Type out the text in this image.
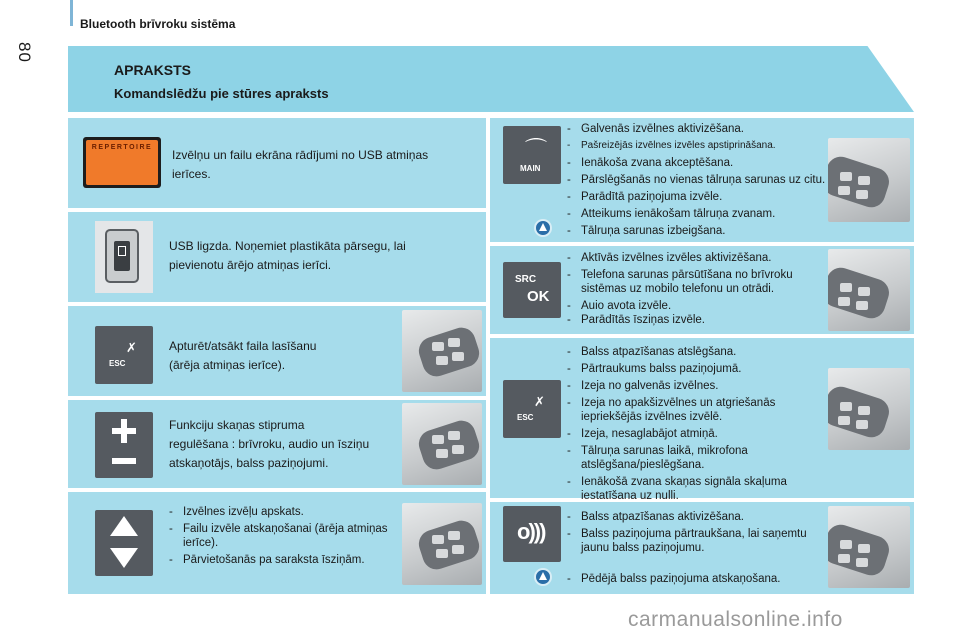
80
Bluetooth brīvroku sistēma
APRAKSTS
Komandslēdžu pie stūres apraksts
REPERTOIRE
Izvēlņu un failu ekrāna rādījumi no USB atmiņas
ierīces.
USB ligzda. Noņemiet plastikāta pārsegu, lai
pievienotu ārējo atmiņas ierīci.
✗
ESC
Apturēt/atsākt faila lasīšanu
(ārēja atmiņas ierīce).
Funkciju skaņas stipruma
regulēšana : brīvroku, audio un īsziņu
atskaņotājs, balss paziņojumi.
- Izvēlnes izvēļu apskats.
- Failu izvēle atskaņošanai (ārēja atmiņas ierīce).
- Pārvietošanās pa saraksta īsziņām.
⌒
MAIN
- Galvenās izvēlnes aktivizēšana.
- Pašreizējās izvēlnes izvēles apstiprināšana.
- Ienākoša zvana akceptēšana.
- Pārslēgšanās no vienas tālruņa sarunas uz citu.
- Parādītā paziņojuma izvēle.
- Atteikums ienākošam tālruņa zvanam.
- Tālruņa sarunas izbeigšana.
SRC
OK
- Aktīvās izvēlnes izvēles aktivizēšana.
- Telefona sarunas pārsūtīšana no brīvroku sistēmas uz mobilo telefonu un otrādi.
- Auio avota izvēle.
- Parādītās īsziņas izvēle.
✗
ESC
- Balss atpazīšanas atslēgšana.
- Pārtraukums balss paziņojumā.
- Izeja no galvenās izvēlnes.
- Izeja no apakšizvēlnes un atgriešanās iepriekšējās izvēlnes izvēlē.
- Izeja, nesaglabājot atmiņā.
- Tālruņa sarunas laikā, mikrofona atslēgšana/pieslēgšana.
- Ienākošā zvana skaņas signāla skaļuma iestatīšana uz nulli.
o)))
- Balss atpazīšanas aktivizēšana.
- Balss paziņojuma pārtraukšana, lai saņemtu jaunu balss paziņojumu.
- Pēdējā balss paziņojuma atskaņošana.
carmanualsonline.info
